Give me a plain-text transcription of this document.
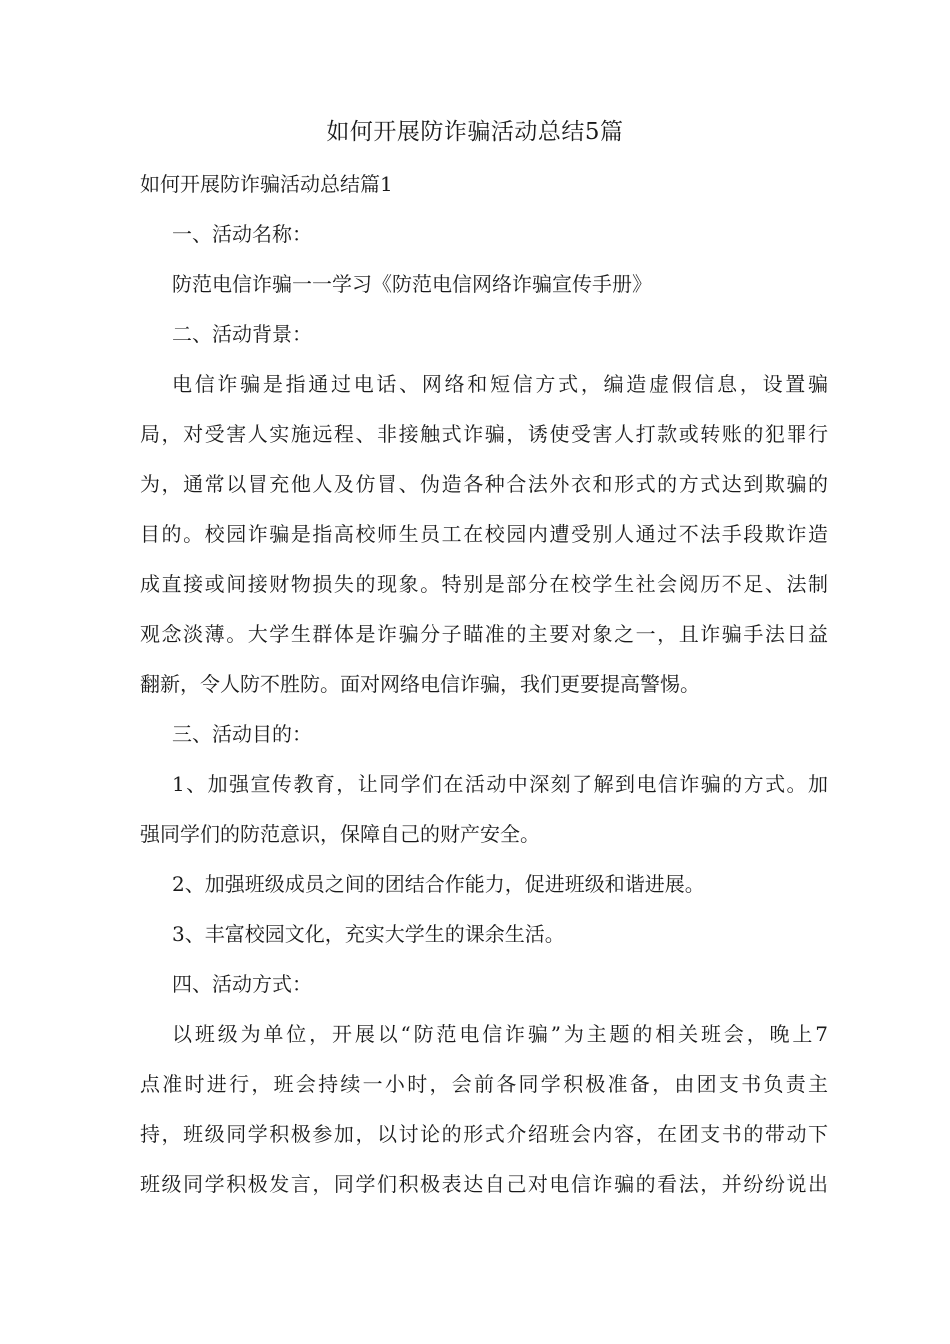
如何开展防诈骗活动总结5篇
如何开展防诈骗活动总结篇1
一、活动名称：
防范电信诈骗一一学习《防范电信网络诈骗宣传手册》
二、活动背景：
电信诈骗是指通过电话、网络和短信方式，编造虚假信息，设置骗
局，对受害人实施远程、非接触式诈骗，诱使受害人打款或转账的犯罪行
为，通常以冒充他人及仿冒、伪造各种合法外衣和形式的方式达到欺骗的
目的。校园诈骗是指高校师生员工在校园内遭受别人通过不法手段欺诈造
成直接或间接财物损失的现象。特别是部分在校学生社会阅历不足、法制
观念淡薄。大学生群体是诈骗分子瞄准的主要对象之一，且诈骗手法日益
翻新，令人防不胜防。面对网络电信诈骗，我们更要提高警惕。
三、活动目的：
1、加强宣传教育，让同学们在活动中深刻了解到电信诈骗的方式。加
强同学们的防范意识，保障自己的财产安全。
2、加强班级成员之间的团结合作能力，促进班级和谐进展。
3、丰富校园文化，充实大学生的课余生活。
四、活动方式：
以班级为单位，开展以“防范电信诈骗”为主题的相关班会，晚上7
点准时进行，班会持续一小时，会前各同学积极准备，由团支书负责主
持，班级同学积极参加，以讨论的形式介绍班会内容，在团支书的带动下
班级同学积极发言，同学们积极表达自己对电信诈骗的看法，并纷纷说出
